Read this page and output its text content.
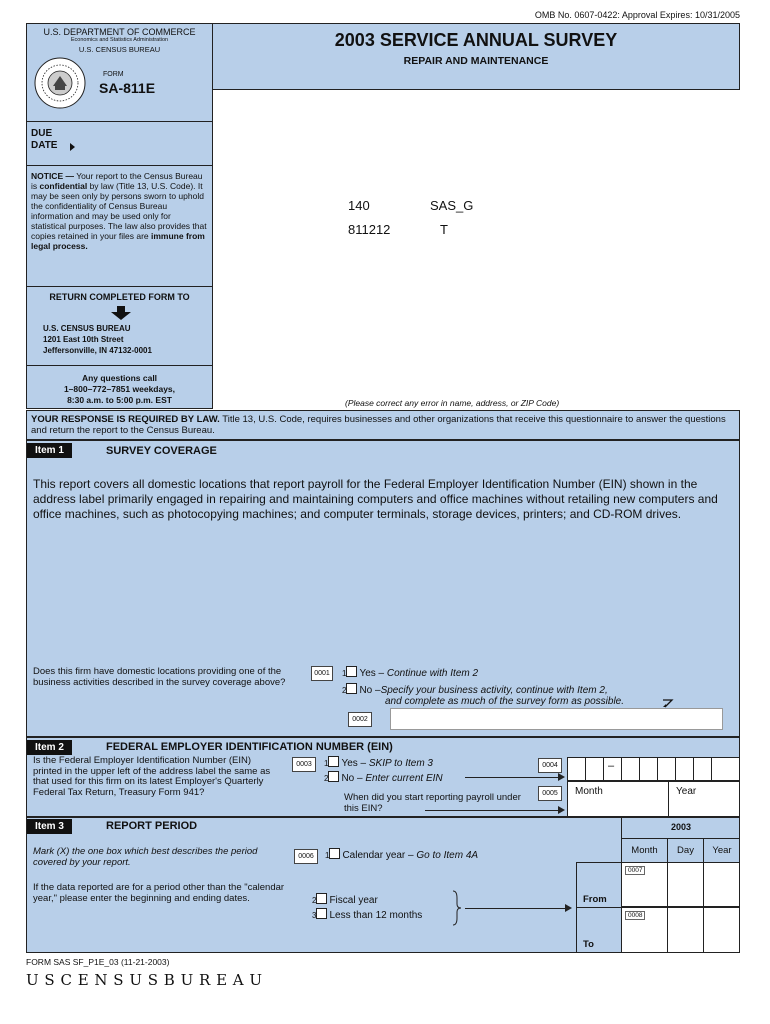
OMB No. 0607-0422: Approval Expires: 10/31/2005
U.S. DEPARTMENT OF COMMERCE
Economics and Statistics Administration
U.S. CENSUS BUREAU
FORM
SA-811E
2003 SERVICE ANNUAL SURVEY
REPAIR AND MAINTENANCE
DUE
DATE
NOTICE — Your report to the Census Bureau is confidential by law (Title 13, U.S. Code). It may be seen only by persons sworn to uphold the confidentiality of Census Bureau information and may be used only for statistical purposes. The law also provides that copies retained in your files are immune from legal process.
RETURN COMPLETED FORM TO
U.S. CENSUS BUREAU
1201 East 10th Street
Jeffersonville, IN 47132-0001
Any questions call
1–800–772–7851 weekdays,
8:30 a.m. to 5:00 p.m. EST
140	SAS_G
811212	T
(Please correct any error in name, address, or ZIP Code)
YOUR RESPONSE IS REQUIRED BY LAW. Title 13, U.S. Code, requires businesses and other organizations that receive this questionnaire to answer the questions and return the report to the Census Bureau.
Item 1	SURVEY COVERAGE
This report covers all domestic locations that report payroll for the Federal Employer Identification Number (EIN) shown in the address label primarily engaged in repairing and maintaining computers and office machines without retailing new computers and office machines, such as photocopying machines; and computer terminals, storage devices, printers; and CD-ROM drives.
Does this firm have domestic locations providing one of the business activities described in the survey coverage above?
0001	1 Yes – Continue with Item 2
2 No –Specify your business activity, continue with Item 2,
and complete as much of the survey form as possible.
0002
Item 2	FEDERAL EMPLOYER IDENTIFICATION NUMBER (EIN)
Is the Federal Employer Identification Number (EIN) printed in the upper left of the address label the same as that used for this firm on its latest Employer's Quarterly Federal Tax Return, Treasury Form 941?
0003	1 Yes – SKIP to Item 3
2 No – Enter current EIN
0004	–
When did you start reporting payroll under this EIN?
0005	Month	Year
Item 3	REPORT PERIOD
Mark (X) the one box which best describes the period covered by your report.
0006	1 Calendar year – Go to Item 4A
If the data reported are for a period other than the "calendar year," please enter the beginning and ending dates.	2 Fiscal year
3 Less than 12 months
2003
Month	Day	Year
0007
From
0008
To
FORM SAS SF_P1E_03 (11-21-2003)
U S C E N S U S B U R E A U
